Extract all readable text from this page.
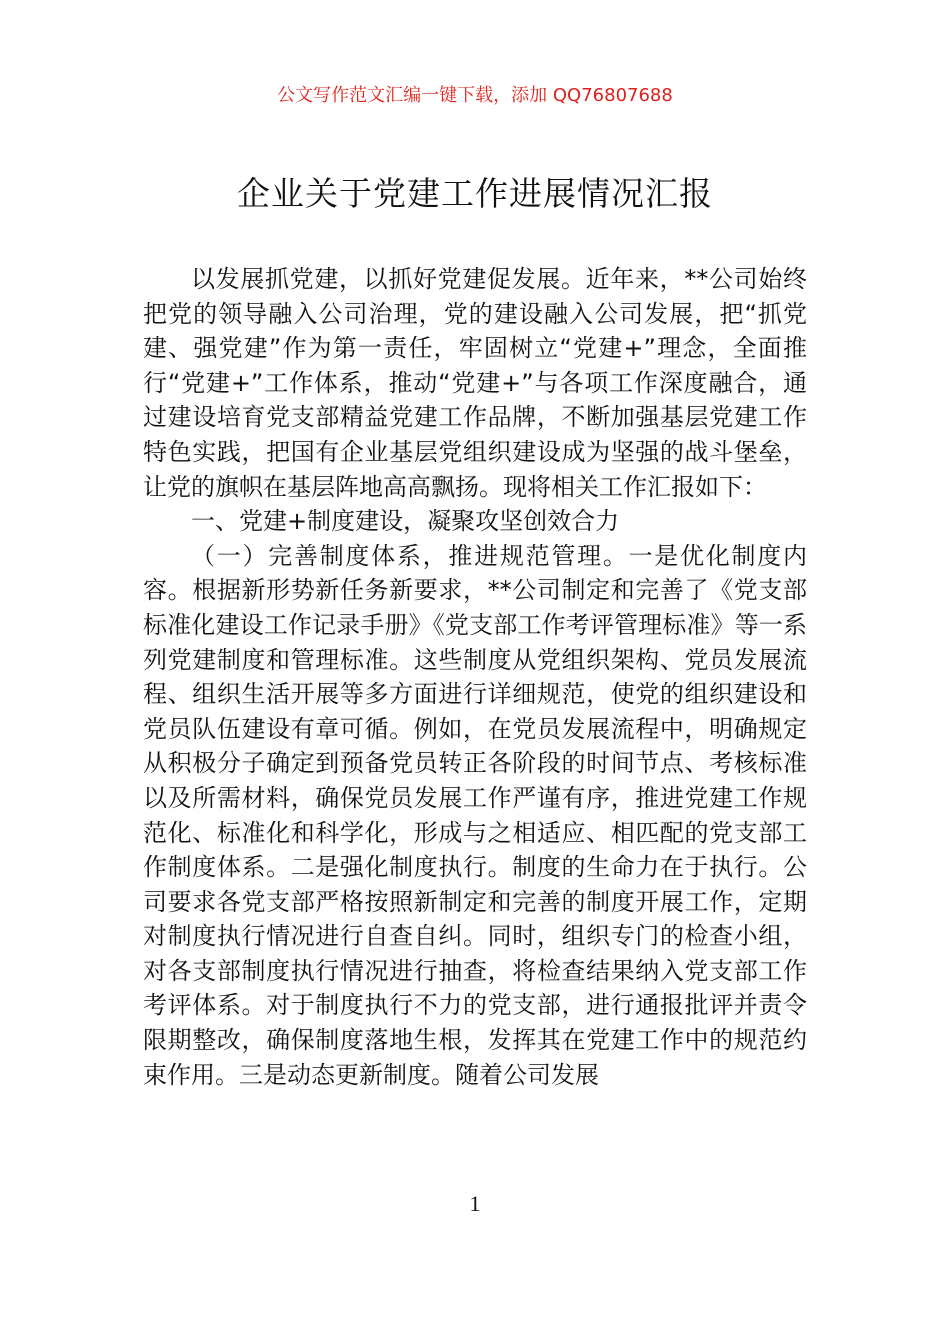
公文写作范文汇编一键下载，添加 QQ76807688
企业关于党建工作进展情况汇报

以发展抓党建，以抓好党建促发展。近年来，**公司始终把党的领导融入公司治理，党的建设融入公司发展，把“抓党建、强党建”作为第一责任，牢固树立“党建+”理念，全面推行“党建+”工作体系，推动“党建+”与各项工作深度融合，通过建设培育党支部精益党建工作品牌，不断加强基层党建工作特色实践，把国有企业基层党组织建设成为坚强的战斗堡垒，让党的旗帜在基层阵地高高飘扬。现将相关工作汇报如下：

一、党建+制度建设，凝聚攻坚创效合力

（一）完善制度体系，推进规范管理。一是优化制度内容。根据新形势新任务新要求，**公司制定和完善了《党支部标准化建设工作记录手册》《党支部工作考评管理标准》等一系列党建制度和管理标准。这些制度从党组织架构、党员发展流程、组织生活开展等多方面进行详细规范，使党的组织建设和党员队伍建设有章可循。例如，在党员发展流程中，明确规定从积极分子确定到预备党员转正各阶段的时间节点、考核标准以及所需材料，确保党员发展工作严谨有序，推进党建工作规范化、标准化和科学化，形成与之相适应、相匹配的党支部工作制度体系。二是强化制度执行。制度的生命力在于执行。公司要求各党支部严格按照新制定和完善的制度开展工作，定期对制度执行情况进行自查自纠。同时，组织专门的检查小组，对各支部制度执行情况进行抽查，将检查结果纳入党支部工作考评体系。对于制度执行不力的党支部，进行通报批评并责令限期整改，确保制度落地生根，发挥其在党建工作中的规范约束作用。三是动态更新制度。随着公司发展

1
